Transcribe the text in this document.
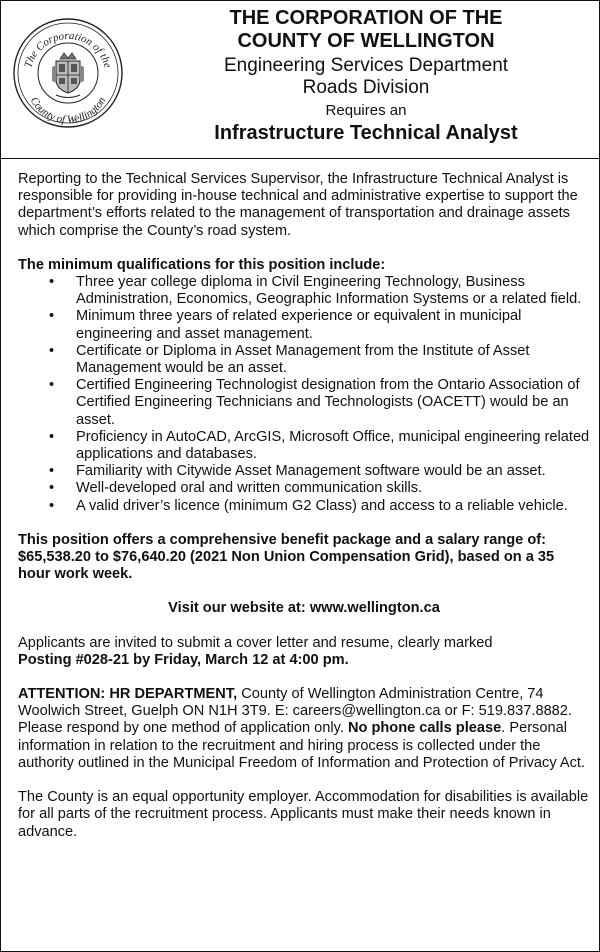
The Corporation of the
County of Wellington
THE CORPORATION OF THE
COUNTY OF WELLINGTON
Engineering Services Department
Roads Division
Requires an
Infrastructure Technical Analyst

Reporting to the Technical Services Supervisor, the Infrastructure Technical Analyst is responsible for providing in-house technical and administrative expertise to support the department’s efforts related to the management of transportation and drainage assets which comprise the County’s road system.

The minimum qualifications for this position include:

• Three year college diploma in Civil Engineering Technology, Business Administration, Economics, Geographic Information Systems or a related field.
• Minimum three years of related experience or equivalent in municipal engineering and asset management.
• Certificate or Diploma in Asset Management from the Institute of Asset Management would be an asset.
• Certified Engineering Technologist designation from the Ontario Association of Certified Engineering Technicians and Technologists (OACETT) would be an asset.
• Proficiency in AutoCAD, ArcGIS, Microsoft Office, municipal engineering related applications and databases.
• Familiarity with Citywide Asset Management software would be an asset.
• Well-developed oral and written communication skills.
• A valid driver’s licence (minimum G2 Class) and access to a reliable vehicle.

This position offers a comprehensive benefit package and a salary range of: $65,538.20 to $76,640.20 (2021 Non Union Compensation Grid), based on a 35 hour work week.

Visit our website at: www.wellington.ca

Applicants are invited to submit a cover letter and resume, clearly marked
Posting #028-21 by Friday, March 12 at 4:00 pm.

ATTENTION: HR DEPARTMENT, County of Wellington Administration Centre, 74 Woolwich Street, Guelph ON N1H 3T9. E: careers@wellington.ca or F: 519.837.8882. Please respond by one method of application only. No phone calls please. Personal information in relation to the recruitment and hiring process is collected under the authority outlined in the Municipal Freedom of Information and Protection of Privacy Act.

The County is an equal opportunity employer. Accommodation for disabilities is available for all parts of the recruitment process. Applicants must make their needs known in advance.
